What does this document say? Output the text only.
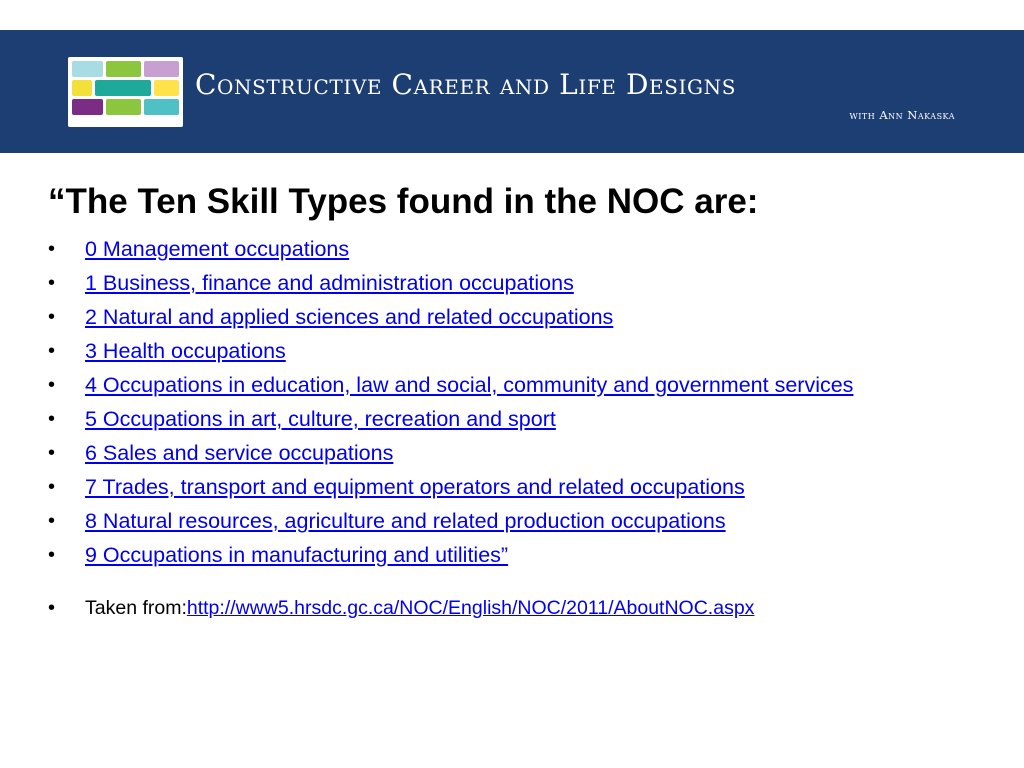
Constructive Career and Life Designs
with Ann Nakaska
“The Ten Skill Types found in the NOC are:
• 0 Management occupations
• 1 Business, finance and administration occupations
• 2 Natural and applied sciences and related occupations
• 3 Health occupations
• 4 Occupations in education, law and social, community and government services
• 5 Occupations in art, culture, recreation and sport
• 6 Sales and service occupations
• 7 Trades, transport and equipment operators and related occupations
• 8 Natural resources, agriculture and related production occupations
• 9 Occupations in manufacturing and utilities”
• Taken from:http://www5.hrsdc.gc.ca/NOC/English/NOC/2011/AboutNOC.aspx
